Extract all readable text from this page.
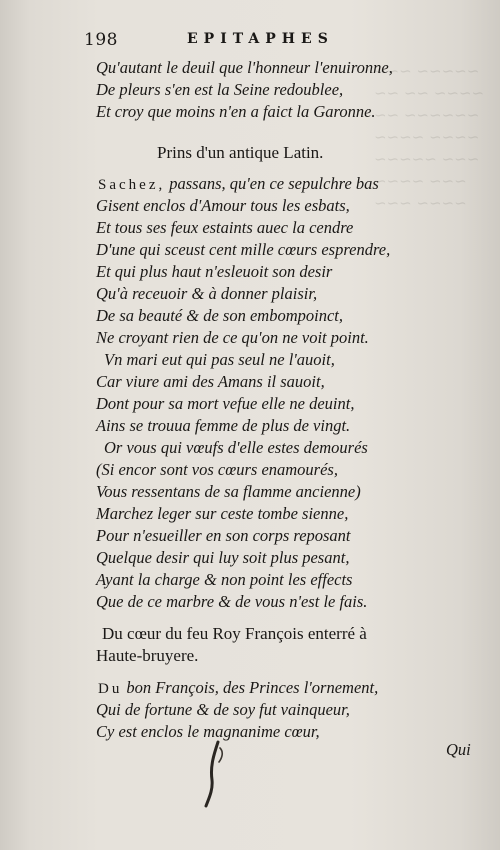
~~~~~ ~~~
~~~~ ~~ ~~
~~~~~~ ~~
~~~~ ~~~~
~~~ ~~~~~
~~~ ~~~~
~~~~ ~~~
198	EPITAPHES
Qu'autant le deuil que l'honneur l'enuironne,
De pleurs s'en est la Seine redoublee,
Et croy que moins n'en a faict la Garonne.
Prins d'un antique Latin.
Sachez, passans, qu'en ce sepulchre bas
Gisent enclos d'Amour tous les esbats,
Et tous ses feux estaints auec la cendre
D'une qui sceust cent mille cœurs esprendre,
Et qui plus haut n'esleuoit son desir
Qu'à receuoir & à donner plaisir,
De sa beauté & de son embompoinct,
Ne croyant rien de ce qu'on ne voit point.
Vn mari eut qui pas seul ne l'auoit,
Car viure ami des Amans il sauoit,
Dont pour sa mort vefue elle ne deuint,
Ains se trouua femme de plus de vingt.
Or vous qui vœufs d'elle estes demourés
(Si encor sont vos cœurs enamourés,
Vous ressentans de sa flamme ancienne)
Marchez leger sur ceste tombe sienne,
Pour n'esueiller en son corps reposant
Quelque desir qui luy soit plus pesant,
Ayant la charge & non point les effects
Que de ce marbre & de vous n'est le fais.
Du cœur du feu Roy François enterré à
Haute-bruyere.
Du bon François, des Princes l'ornement,
Qui de fortune & de soy fut vainqueur,
Cy est enclos le magnanime cœur,
Qui
